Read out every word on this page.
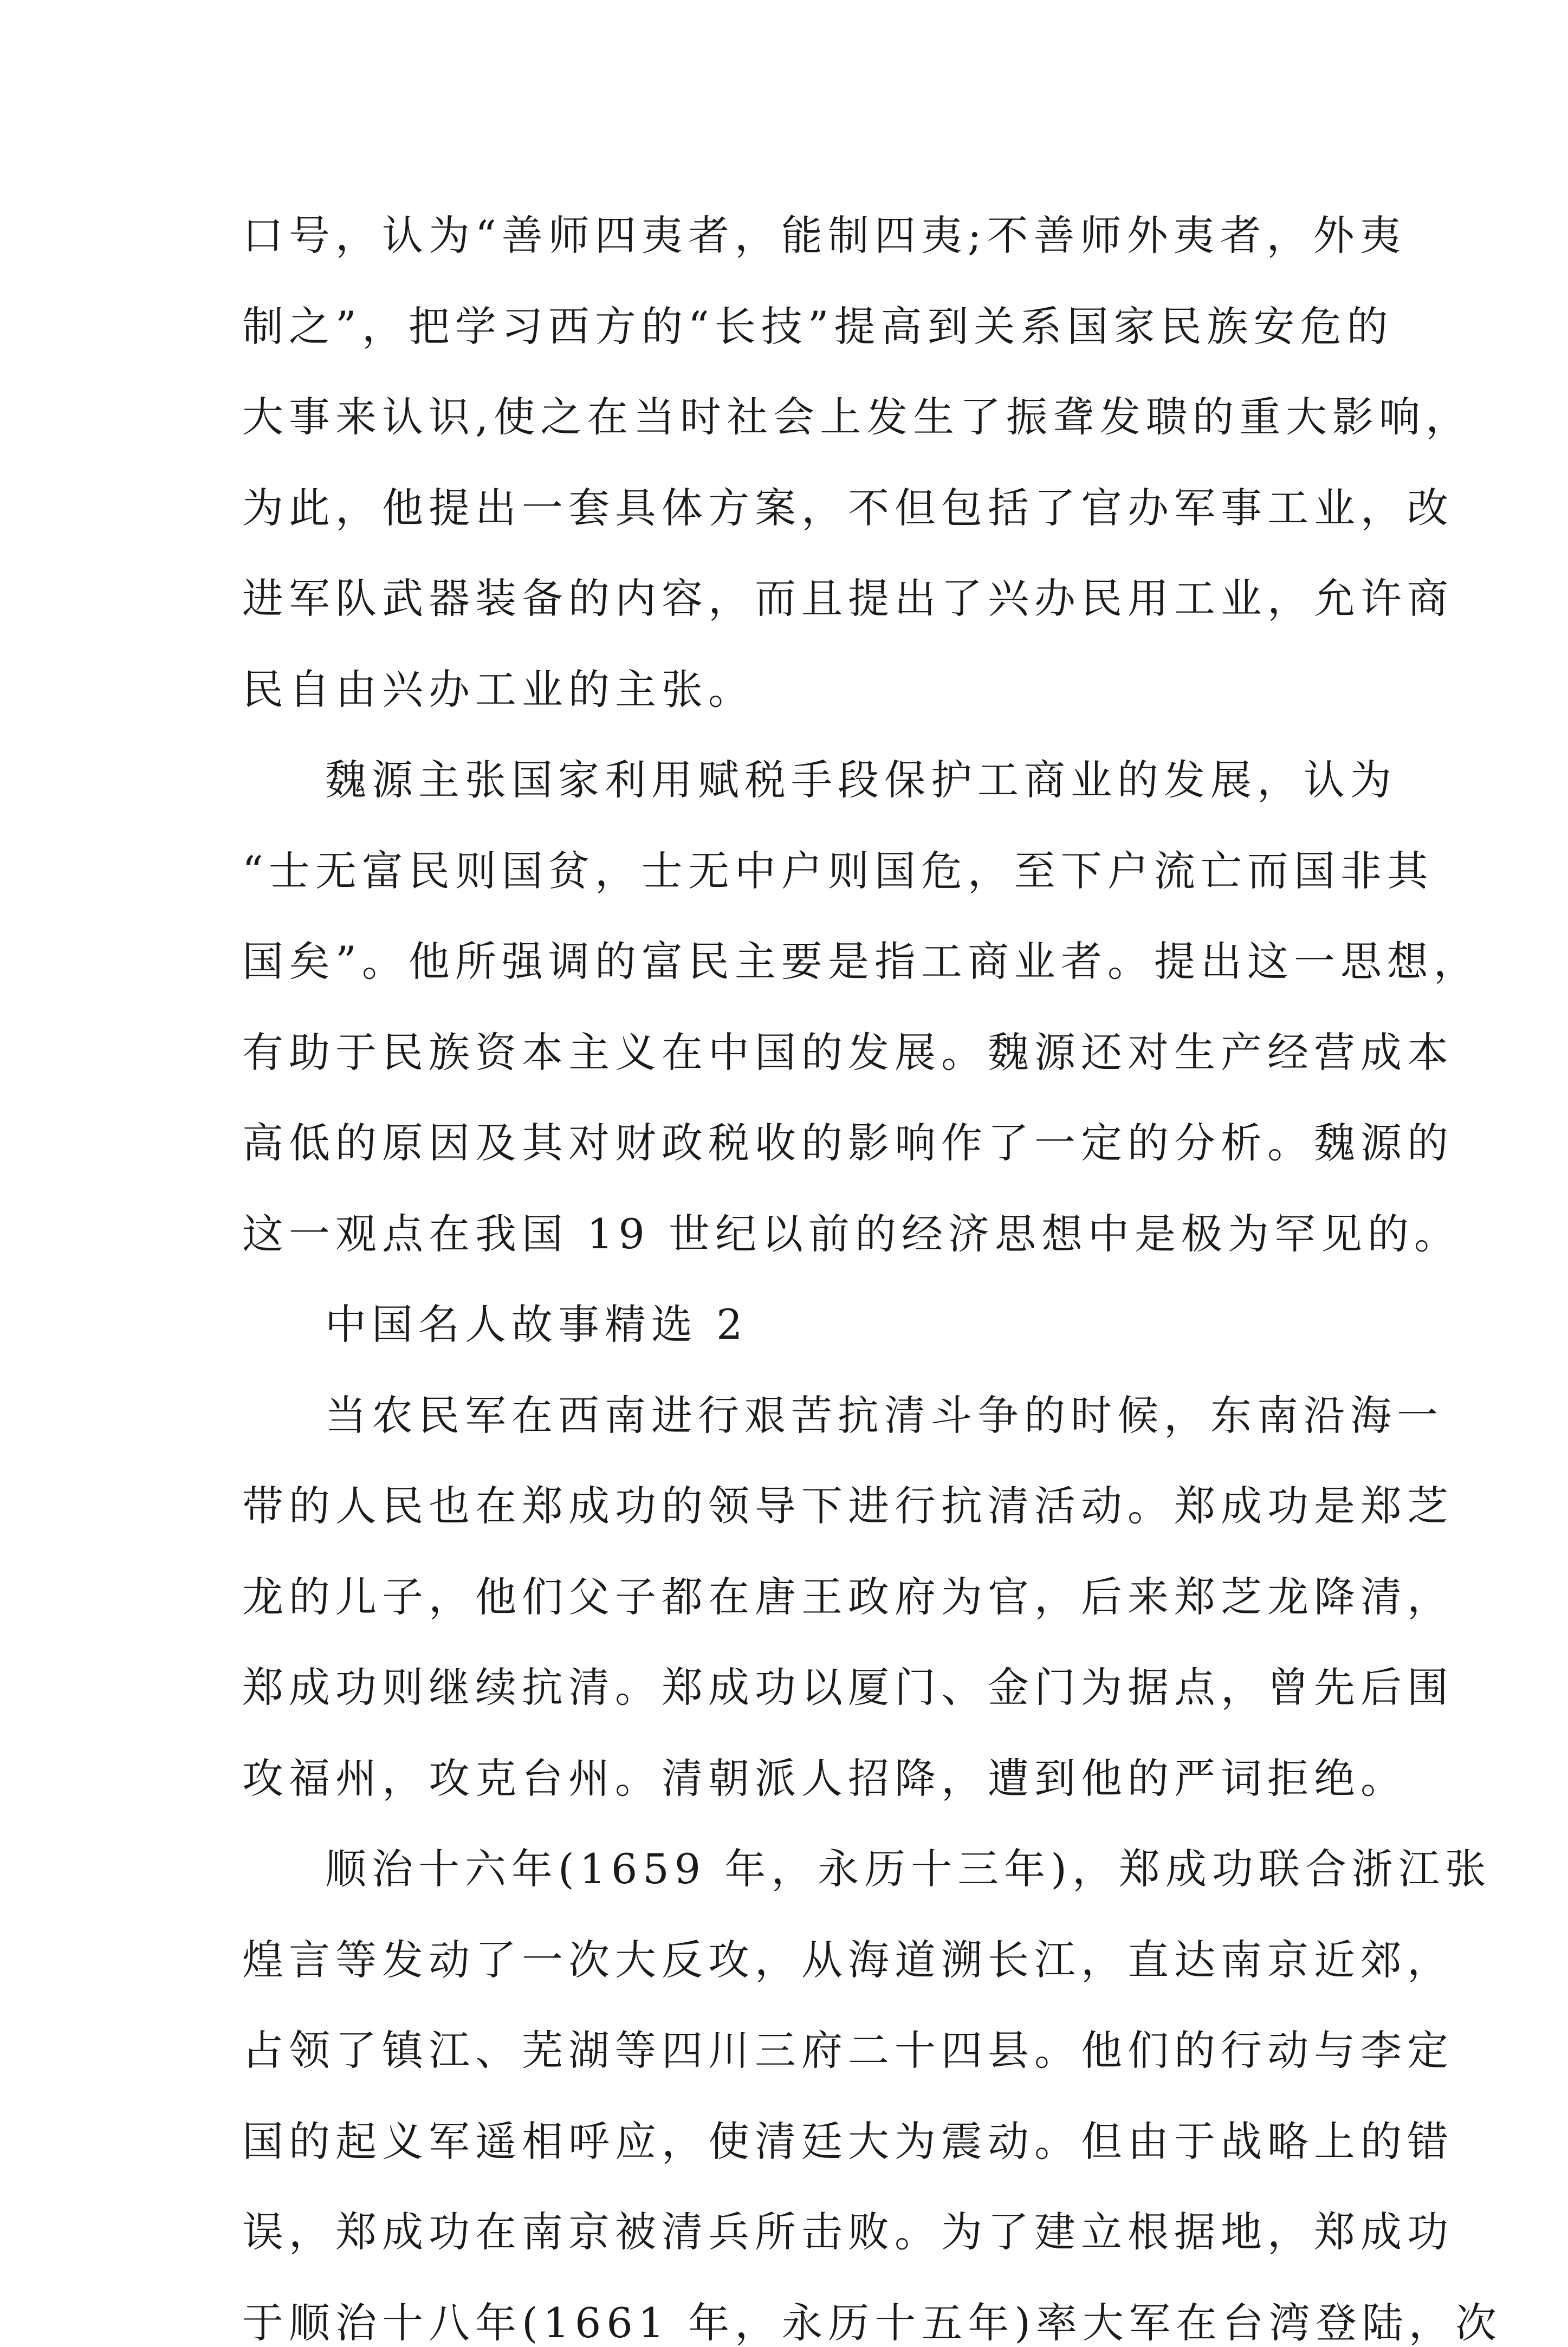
口号，认为“善师四夷者，能制四夷;不善师外夷者，外夷
制之”，把学习西方的“长技”提高到关系国家民族安危的
大事来认识,使之在当时社会上发生了振聋发聩的重大影响，
为此，他提出一套具体方案，不但包括了官办军事工业，改
进军队武器装备的内容，而且提出了兴办民用工业，允许商
民自由兴办工业的主张。
魏源主张国家利用赋税手段保护工商业的发展，认为
“士无富民则国贫，士无中户则国危，至下户流亡而国非其
国矣”。他所强调的富民主要是指工商业者。提出这一思想，
有助于民族资本主义在中国的发展。魏源还对生产经营成本
高低的原因及其对财政税收的影响作了一定的分析。魏源的
这一观点在我国 19 世纪以前的经济思想中是极为罕见的。
中国名人故事精选 2
当农民军在西南进行艰苦抗清斗争的时候，东南沿海一
带的人民也在郑成功的领导下进行抗清活动。郑成功是郑芝
龙的儿子，他们父子都在唐王政府为官，后来郑芝龙降清，
郑成功则继续抗清。郑成功以厦门、金门为据点，曾先后围
攻福州，攻克台州。清朝派人招降，遭到他的严词拒绝。
顺治十六年(1659 年，永历十三年)，郑成功联合浙江张
煌言等发动了一次大反攻，从海道溯长江，直达南京近郊，
占领了镇江、芜湖等四川三府二十四县。他们的行动与李定
国的起义军遥相呼应，使清廷大为震动。但由于战略上的错
误，郑成功在南京被清兵所击败。为了建立根据地，郑成功
于顺治十八年(1661 年，永历十五年)率大军在台湾登陆，次
